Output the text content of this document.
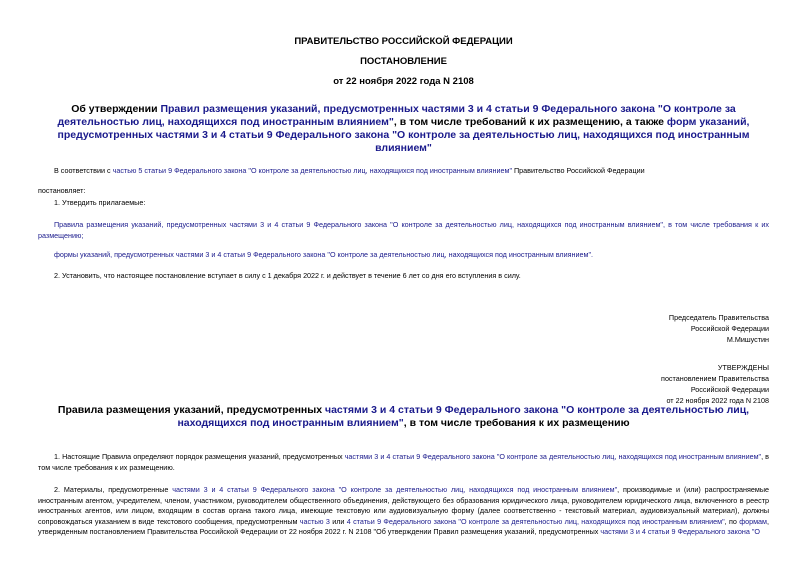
ПРАВИТЕЛЬСТВО РОССИЙСКОЙ ФЕДЕРАЦИИ
ПОСТАНОВЛЕНИЕ
от 22 ноября 2022 года N 2108
Об утверждении Правил размещения указаний, предусмотренных частями 3 и 4 статьи 9 Федерального закона "О контроле за деятельностью лиц, находящихся под иностранным влиянием", в том числе требований к их размещению, а также форм указаний, предусмотренных частями 3 и 4 статьи 9 Федерального закона "О контроле за деятельностью лиц, находящихся под иностранным влиянием"
В соответствии с частью 5 статьи 9 Федерального закона "О контроле за деятельностью лиц, находящихся под иностранным влиянием" Правительство Российской Федерации
постановляет:
1. Утвердить прилагаемые:
Правила размещения указаний, предусмотренных частями 3 и 4 статьи 9 Федерального закона "О контроле за деятельностью лиц, находящихся под иностранным влиянием", в том числе требования к их размещению;
формы указаний, предусмотренных частями 3 и 4 статьи 9 Федерального закона "О контроле за деятельностью лиц, находящихся под иностранным влиянием".
2. Установить, что настоящее постановление вступает в силу с 1 декабря 2022 г. и действует в течение 6 лет со дня его вступления в силу.
Председатель Правительства
Российской Федерации
М.Мишустин
УТВЕРЖДЕНЫ
постановлением Правительства
Российской Федерации
от 22 ноября 2022 года N 2108
Правила размещения указаний, предусмотренных частями 3 и 4 статьи 9 Федерального закона "О контроле за деятельностью лиц, находящихся под иностранным влиянием", в том числе требования к их размещению
1. Настоящие Правила определяют порядок размещения указаний, предусмотренных частями 3 и 4 статьи 9 Федерального закона "О контроле за деятельностью лиц, находящихся под иностранным влиянием", в том числе требования к их размещению.
2. Материалы, предусмотренные частями 3 и 4 статьи 9 Федерального закона "О контроле за деятельностью лиц, находящихся под иностранным влиянием", производимые и (или) распространяемые иностранным агентом, учредителем, членом, участником, руководителем общественного объединения, действующего без образования юридического лица, руководителем юридического лица, включенного в реестр иностранных агентов, или лицом, входящим в состав органа такого лица, имеющие текстовую или аудиовизуальную форму (далее соответственно - текстовый материал, аудиовизуальный материал), должны сопровождаться указанием в виде текстового сообщения, предусмотренным частью 3 или 4 статьи 9 Федерального закона "О контроле за деятельностью лиц, находящихся под иностранным влиянием", по формам, утвержденным постановлением Правительства Российской Федерации от 22 ноября 2022 г. N 2108 "Об утверждении Правил размещения указаний, предусмотренных частями 3 и 4 статьи 9 Федерального закона "О
